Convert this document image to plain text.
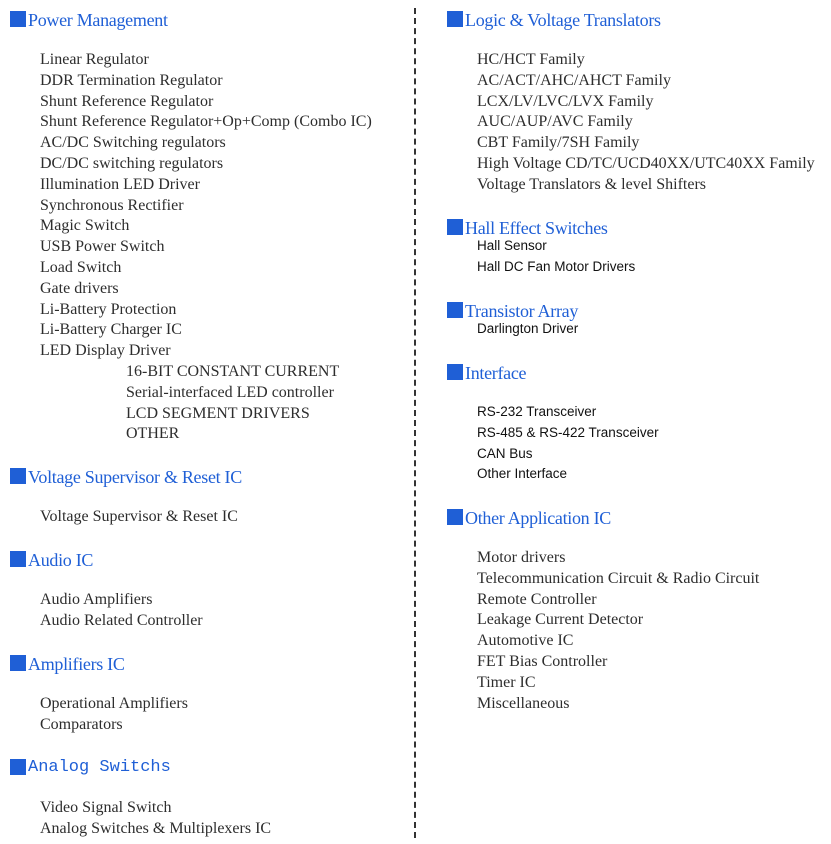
Power Management
Linear Regulator
DDR Termination Regulator
Shunt Reference Regulator
Shunt Reference Regulator+Op+Comp (Combo IC)
AC/DC Switching regulators
DC/DC switching regulators
Illumination LED Driver
Synchronous Rectifier
Magic Switch
USB Power Switch
Load Switch
Gate drivers
Li-Battery Protection
Li-Battery Charger IC
LED Display Driver
16-BIT CONSTANT CURRENT
Serial-interfaced LED controller
LCD SEGMENT DRIVERS
OTHER
Voltage Supervisor & Reset IC
Voltage Supervisor & Reset IC
Audio IC
Audio Amplifiers
Audio Related Controller
Amplifiers IC
Operational Amplifiers
Comparators
Analog Switchs
Video Signal Switch
Analog Switches & Multiplexers IC
Logic & Voltage Translators
HC/HCT Family
AC/ACT/AHC/AHCT Family
LCX/LV/LVC/LVX Family
AUC/AUP/AVC Family
CBT Family/7SH Family
High Voltage CD/TC/UCD40XX/UTC40XX Family
Voltage Translators & level Shifters
Hall Effect Switches
Hall Sensor
Hall DC Fan Motor Drivers
Transistor Array
Darlington Driver
Interface
RS-232 Transceiver
RS-485 & RS-422 Transceiver
CAN Bus
Other Interface
Other Application IC
Motor drivers
Telecommunication Circuit & Radio Circuit
Remote Controller
Leakage Current Detector
Automotive IC
FET Bias Controller
Timer IC
Miscellaneous
